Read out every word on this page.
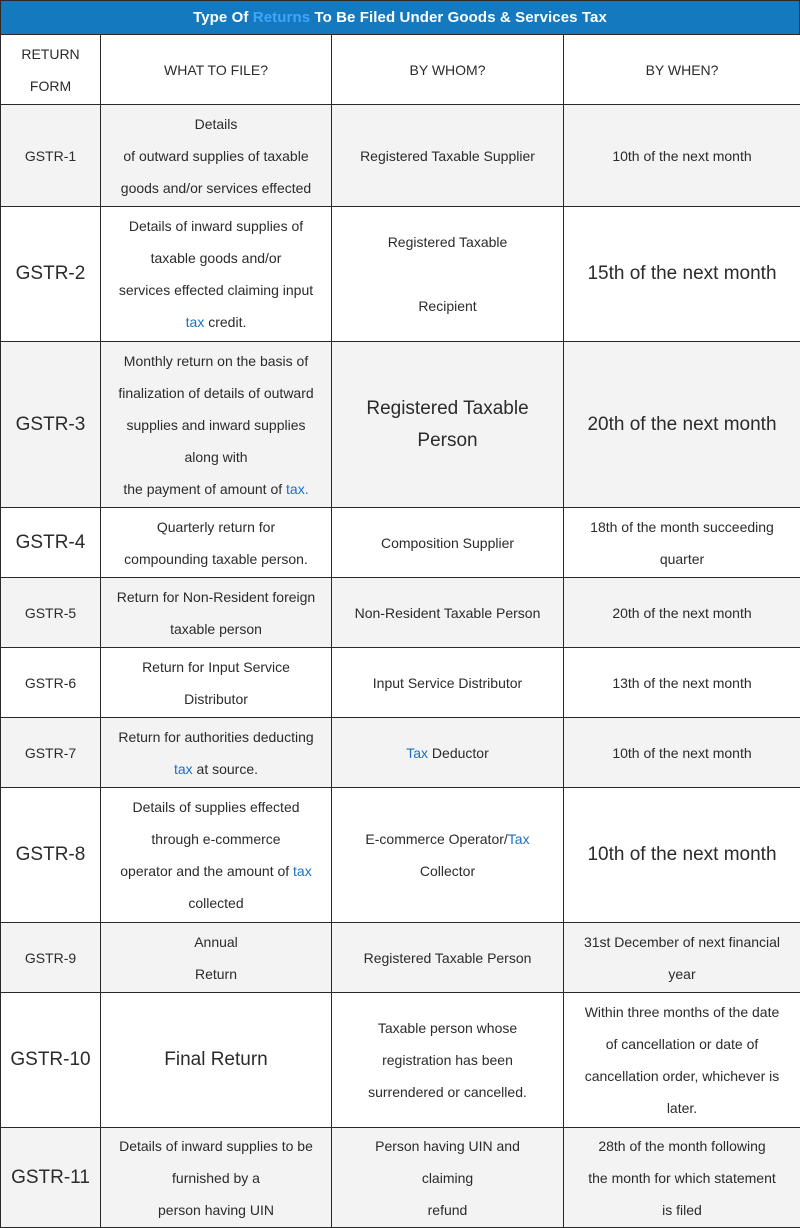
Type Of
Returns
To Be Filed Under Goods & Services Tax
RETURN
FORM	WHAT TO FILE?	BY WHOM?	BY WHEN?
GSTR-1	Details
of outward supplies of taxable
goods and/or services effected	Registered Taxable Supplier	10th of the next month
GSTR-2	Details of inward supplies of
taxable goods and/or
services effected claiming input
tax credit.	Registered Taxable
Recipient	15th of the next month
GSTR-3	Monthly return on the basis of
finalization of details of outward
supplies and inward supplies
along with
the payment of amount of tax.	Registered Taxable
Person	20th of the next month
GSTR-4	Quarterly return for
compounding taxable person.	Composition Supplier	18th of the month succeeding
quarter

GSTR-5	Return for Non-Resident foreign
taxable person	Non-Resident Taxable Person	20th of the next month
GSTR-6	Return for Input Service
Distributor	Input Service Distributor	13th of the next month
GSTR-7	Return for authorities deducting
tax at source.	Tax Deductor	10th of the next month
GSTR-8	Details of supplies effected
through e-commerce
operator and the amount of tax
collected	E-commerce Operator/Tax
Collector	10th of the next month
GSTR-9	Annual
Return	Registered Taxable Person	31st December of next financial
year

GSTR-10	Final Return	Taxable person whose
registration has been
surrendered or cancelled.	Within three months of the date
of cancellation or date of
cancellation order, whichever is
later.

GSTR-11	Details of inward supplies to be
furnished by a
person having UIN	Person having UIN and
claiming
refund	28th of the month following
the month for which statement
is filed
